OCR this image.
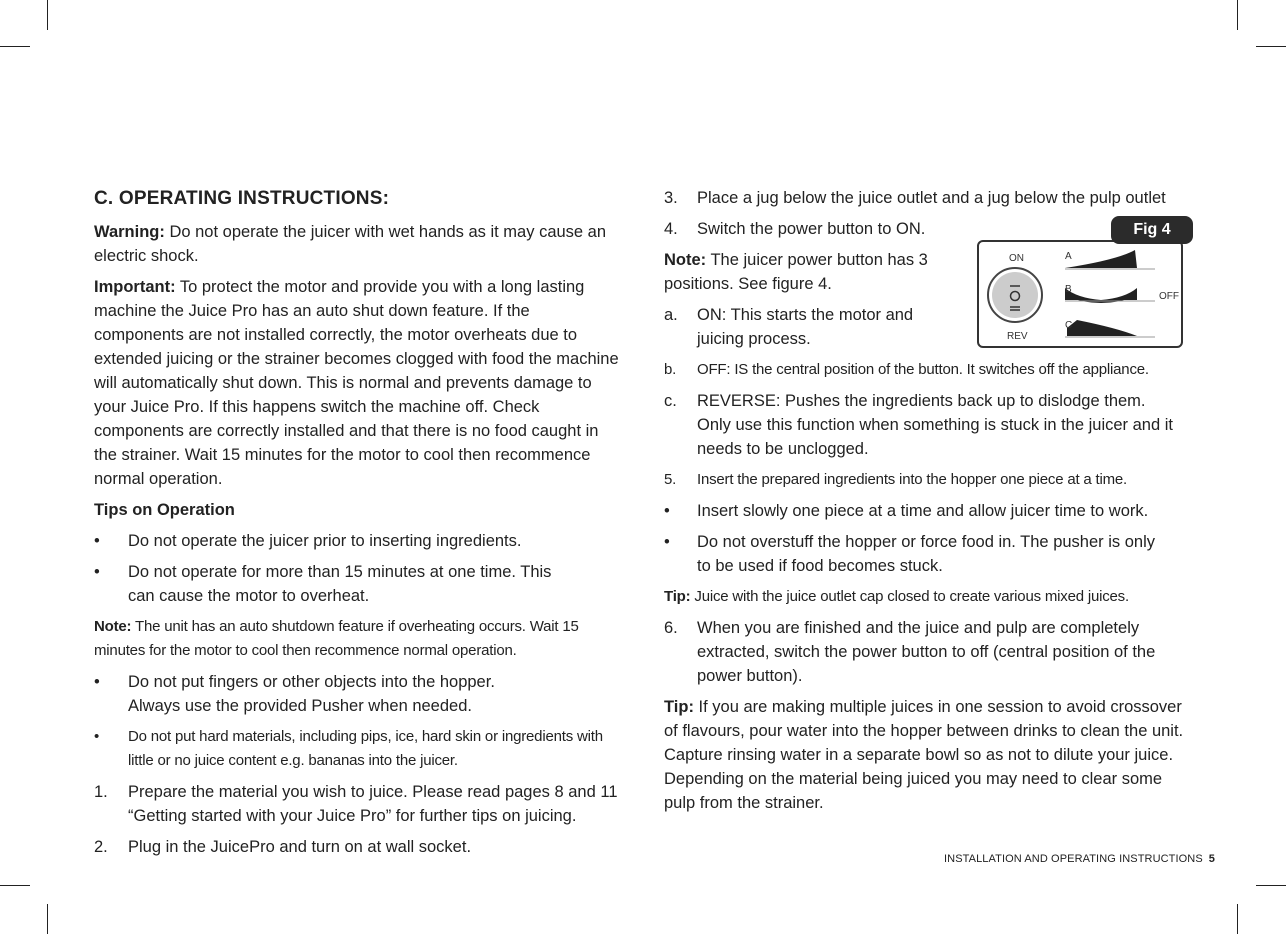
C. OPERATING INSTRUCTIONS:

Warning: Do not operate the juicer with wet hands as it may cause an electric shock.

Important: To protect the motor and provide you with a long lasting machine the Juice Pro has an auto shut down feature. If the components are not installed correctly, the motor overheats due to extended juicing or the strainer becomes clogged with food the machine will automatically shut down. This is normal and prevents damage to your Juice Pro. If this happens switch the machine off. Check components are correctly installed and that there is no food caught in the strainer. Wait 15 minutes for the motor to cool then recommence normal operation.

Tips on Operation

• Do not operate the juicer prior to inserting ingredients.
• Do not operate for more than 15 minutes at one time. This can cause the motor to overheat.

Note: The unit has an auto shutdown feature if overheating occurs. Wait 15 minutes for the motor to cool then recommence normal operation.

• Do not put fingers or other objects into the hopper. Always use the provided Pusher when needed.
• Do not put hard materials, including pips, ice, hard skin or ingredients with little or no juice content e.g. bananas into the juicer.
1. Prepare the material you wish to juice. Please read pages 8 and 11 “Getting started with your Juice Pro” for further tips on juicing.
2. Plug in the JuicePro and turn on at wall socket.
3. Place a jug below the juice outlet and a jug below the pulp outlet
4. Switch the power button to ON.

Note: The juicer power button has 3 positions. See figure 4.

a. ON: This starts the motor and juicing process.
b. OFF: IS the central position of the button. It switches off the appliance.
c. REVERSE: Pushes the ingredients back up to dislodge them. Only use this function when something is stuck in the juicer and it needs to be unclogged.
5. Insert the prepared ingredients into the hopper one piece at a time.
• Insert slowly one piece at a time and allow juicer time to work.
• Do not overstuff the hopper or force food in. The pusher is only to be used if food becomes stuck.

Tip: Juice with the juice outlet cap closed to create various mixed juices.

6. When you are finished and the juice and pulp are completely extracted, switch the power button to off (central position of the power button).

Tip: If you are making multiple juices in one session to avoid crossover of flavours, pour water into the hopper between drinks to clean the unit. Capture rinsing water in a separate bowl so as not to dilute your juice. Depending on the material being juiced you may need to clear some pulp from the strainer.

Fig 4
ON
REV
A
B
C
OFF
INSTALLATION AND OPERATING INSTRUCTIONS 5
